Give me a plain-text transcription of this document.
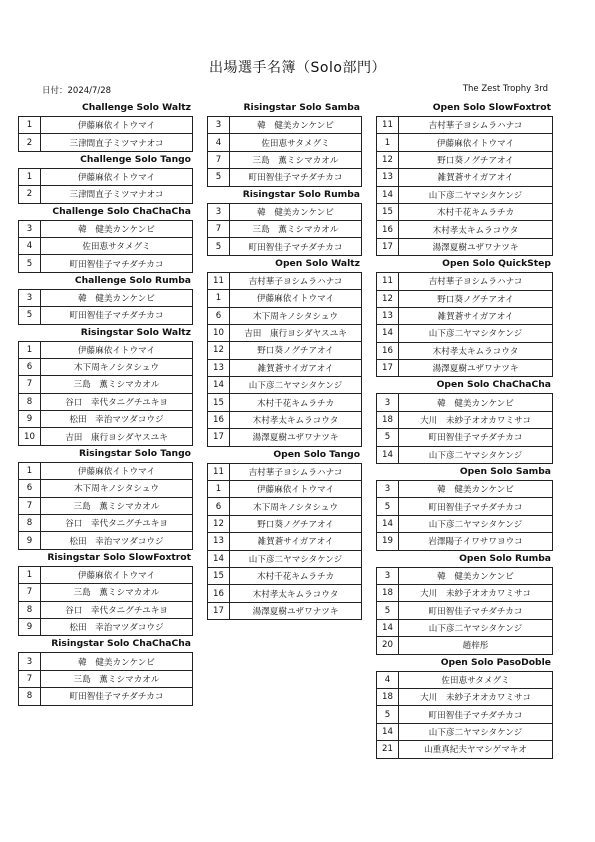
出場選手名簿（Solo部門）
日付：2024/7/28	The Zest Trophy 3rd
Challenge Solo Waltz
1	伊藤麻依イトウマイ
2	三津間直子ミツマナオコ
Challenge Solo Tango
1	伊藤麻依イトウマイ
2	三津間直子ミツマナオコ
Challenge Solo ChaChaCha
3	韓　健美カンケンビ
4	佐田恵サタメグミ
5	町田智佳子マチダチカコ
Challenge Solo Rumba
3	韓　健美カンケンビ
5	町田智佳子マチダチカコ
Risingstar Solo Waltz
1	伊藤麻依イトウマイ
6	木下周キノシタシュウ
7	三島　薫ミシマカオル
8	谷口　幸代タニグチユキヨ
9	松田　幸治マツダコウジ
10	吉田　康行ヨシダヤスユキ
Risingstar Solo Tango
1	伊藤麻依イトウマイ
6	木下周キノシタシュウ
7	三島　薫ミシマカオル
8	谷口　幸代タニグチユキヨ
9	松田　幸治マツダコウジ
Risingstar Solo SlowFoxtrot
1	伊藤麻依イトウマイ
7	三島　薫ミシマカオル
8	谷口　幸代タニグチユキヨ
9	松田　幸治マツダコウジ
Risingstar Solo ChaChaCha
3	韓　健美カンケンビ
7	三島　薫ミシマカオル
8	町田智佳子マチダチカコ
Risingstar Solo Samba
3	韓　健美カンケンビ
4	佐田恵サタメグミ
7	三島　薫ミシマカオル
5	町田智佳子マチダチカコ
Risingstar Solo Rumba
3	韓　健美カンケンビ
7	三島　薫ミシマカオル
5	町田智佳子マチダチカコ
Open Solo Waltz
11	吉村華子ヨシムラハナコ
1	伊藤麻依イトウマイ
6	木下周キノシタシュウ
10	吉田　康行ヨシダヤスユキ
12	野口葵ノグチアオイ
13	雑賀蒼サイガアオイ
14	山下彦二ヤマシタケンジ
15	木村千花キムラチカ
16	木村孝太キムラコウタ
17	湯澤夏樹ユザワナツキ
Open Solo Tango
11	吉村華子ヨシムラハナコ
1	伊藤麻依イトウマイ
6	木下周キノシタシュウ
12	野口葵ノグチアオイ
13	雑賀蒼サイガアオイ
14	山下彦二ヤマシタケンジ
15	木村千花キムラチカ
16	木村孝太キムラコウタ
17	湯澤夏樹ユザワナツキ
Open Solo SlowFoxtrot
11	吉村華子ヨシムラハナコ
1	伊藤麻依イトウマイ
12	野口葵ノグチアオイ
13	雑賀蒼サイガアオイ
14	山下彦二ヤマシタケンジ
15	木村千花キムラチカ
16	木村孝太キムラコウタ
17	湯澤夏樹ユザワナツキ
Open Solo QuickStep
11	吉村華子ヨシムラハナコ
12	野口葵ノグチアオイ
13	雑賀蒼サイガアオイ
14	山下彦二ヤマシタケンジ
16	木村孝太キムラコウタ
17	湯澤夏樹ユザワナツキ
Open Solo ChaChaCha
3	韓　健美カンケンビ
18	大川　未紗子オオカワミサコ
5	町田智佳子マチダチカコ
14	山下彦二ヤマシタケンジ
Open Solo Samba
3	韓　健美カンケンビ
5	町田智佳子マチダチカコ
14	山下彦二ヤマシタケンジ
19	岩澤陽子イワサワヨウコ
Open Solo Rumba
3	韓　健美カンケンビ
18	大川　未紗子オオカワミサコ
5	町田智佳子マチダチカコ
14	山下彦二ヤマシタケンジ
20	趙梓彤
Open Solo PasoDoble
4	佐田恵サタメグミ
18	大川　未紗子オオカワミサコ
5	町田智佳子マチダチカコ
14	山下彦二ヤマシタケンジ
21	山重真紀夫ヤマシゲマキオ
